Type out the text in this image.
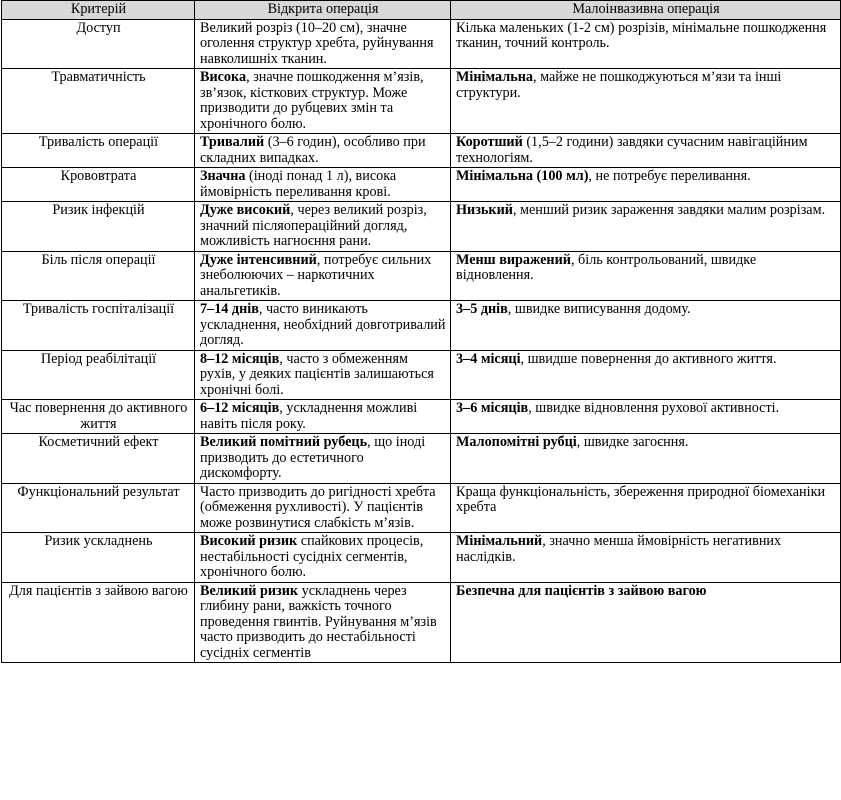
Критерій	Відкрита операція	Малоінвазивна операція
Доступ	Великий розріз (10–20 см), значне оголення структур хребта, руйнування навколишніх тканин.	Кілька маленьких (1-2 см) розрізів, мінімальне пошкодження тканин, точний контроль.
Травматичність	Висока, значне пошкодження м’язів, зв’язок, кісткових структур. Може призводити до рубцевих змін та хронічного болю.	Мінімальна, майже не пошкоджуються м’язи та інші структури.
Тривалість операції	Тривалий (3–6 годин), особливо при складних випадках.	Коротший (1,5–2 години) завдяки сучасним навігаційним технологіям.
Крововтрата	Значна (іноді понад 1 л), висока ймовірність переливання крові.	Мінімальна (100 мл), не потребує переливання.
Ризик інфекцій	Дуже високий, через великий розріз, значний післяопераційний догляд, можливість нагноєння рани.	Низький, менший ризик зараження завдяки малим розрізам.
Біль після операції	Дуже інтенсивний, потребує сильних знеболюючих – наркотичних анальгетиків.	Менш виражений, біль контрольований, швидке відновлення.
Тривалість госпіталізації	7–14 днів, часто виникають ускладнення, необхідний довготривалий догляд.	3–5 днів, швидке виписування додому.
Період реабілітації	8–12 місяців, часто з обмеженням рухів, у деяких пацієнтів залишаються хронічні болі.	3–4 місяці, швидше повернення до активного життя.
Час повернення до активного життя	6–12 місяців, ускладнення можливі навіть після року.	3–6 місяців, швидке відновлення рухової активності.
Косметичний ефект	Великий помітний рубець, що іноді призводить до естетичного дискомфорту.	Малопомітні рубці, швидке загоєння.
Функціональний результат	Часто призводить до ригідності хребта (обмеження рухливості). У пацієнтів може розвинутися слабкість м’язів.	Краща функціональність, збереження природної біомеханіки хребта
Ризик ускладнень	Високий ризик спайкових процесів, нестабільності сусідніх сегментів, хронічного болю.	Мінімальний, значно менша ймовірність негативних наслідків.
Для пацієнтів з зайвою вагою	Великий ризик ускладнень через глибину рани, важкість точного проведення гвинтів. Руйнування м’язів часто призводить до нестабільності сусідніх сегментів	Безпечна для пацієнтів з зайвою вагою
